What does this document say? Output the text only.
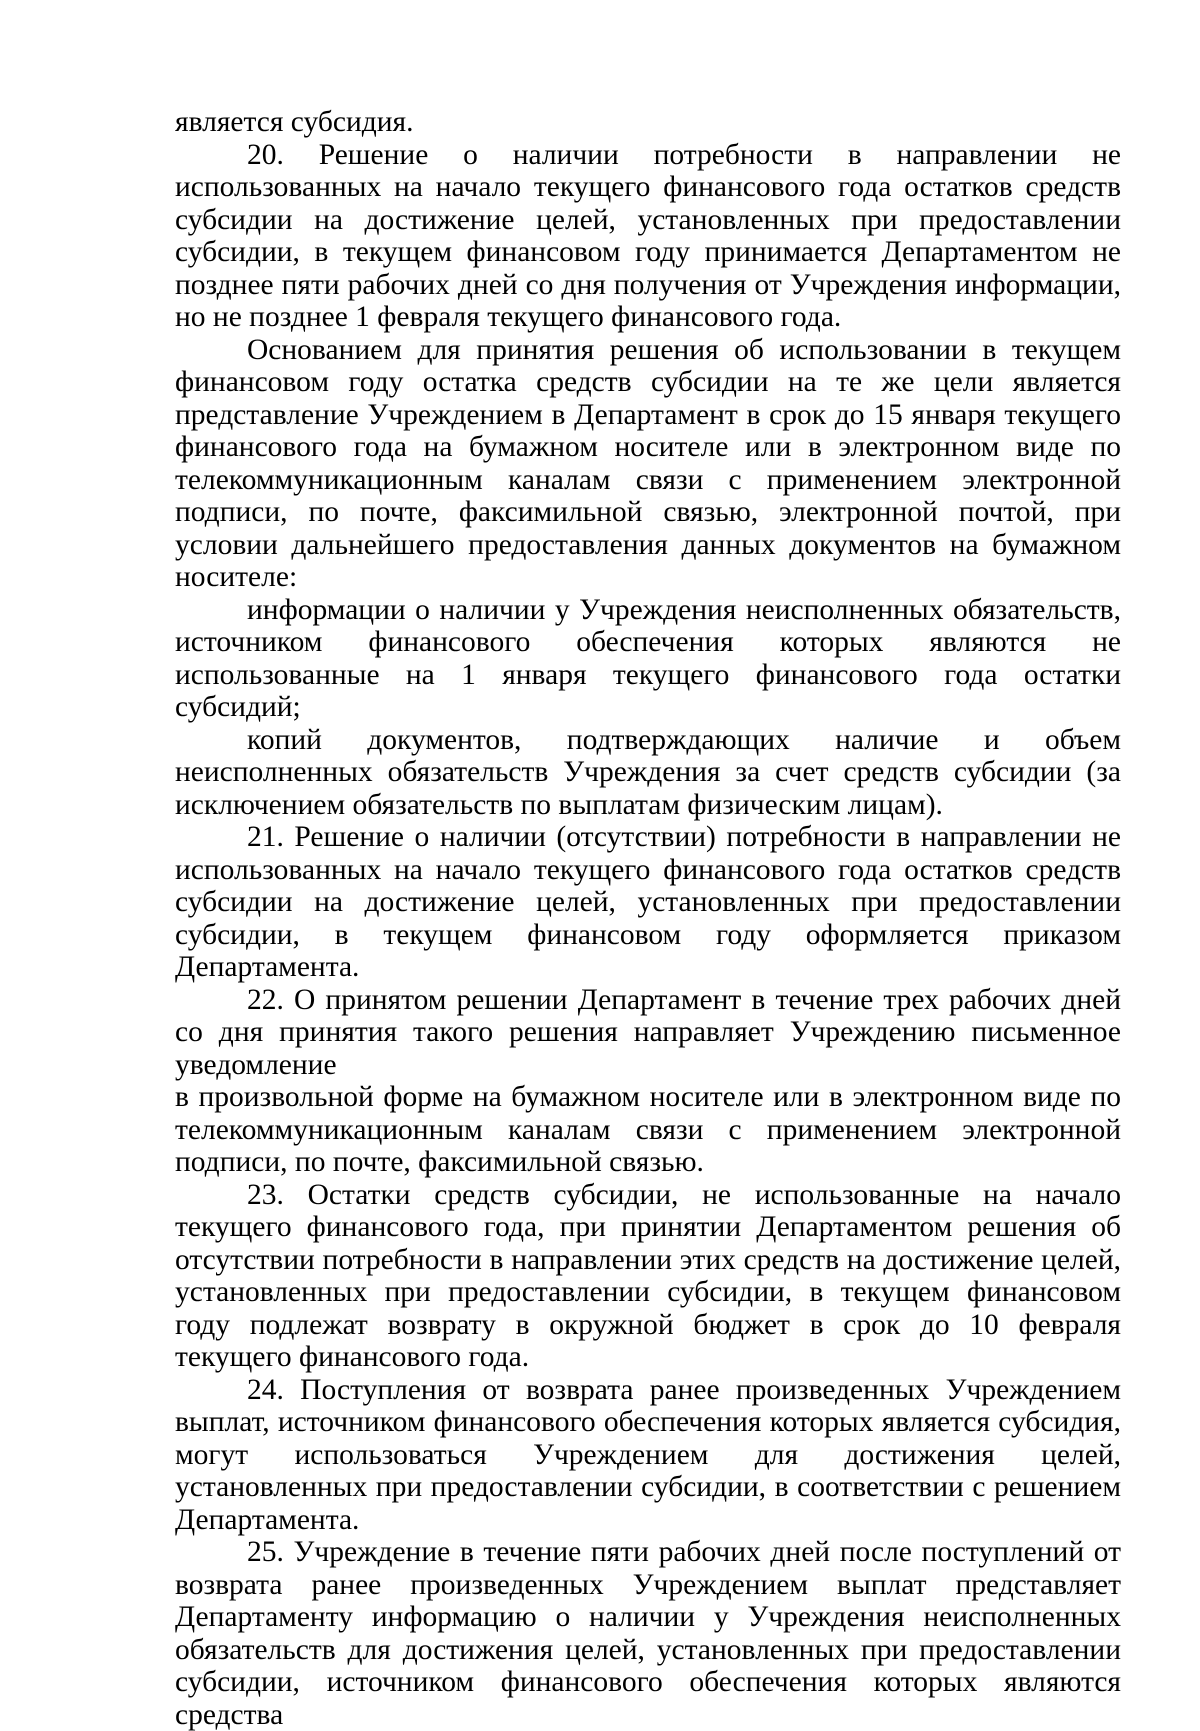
является субсидия.

20. Решение о наличии потребности в направлении не использованных на начало текущего финансового года остатков средств субсидии на достижение целей, установленных при предоставлении субсидии, в текущем финансовом году принимается Департаментом не позднее пяти рабочих дней со дня получения от Учреждения информации, но не позднее 1 февраля текущего финансового года.

Основанием для принятия решения об использовании в текущем финансовом году остатка средств субсидии на те же цели является представление Учреждением в Департамент в срок до 15 января текущего финансового года на бумажном носителе или в электронном виде по телекоммуникационным каналам связи с применением электронной подписи, по почте, факсимильной связью, электронной почтой, при условии дальнейшего предоставления данных документов на бумажном носителе:

информации о наличии у Учреждения неисполненных обязательств, источником финансового обеспечения которых являются не использованные на 1 января текущего финансового года остатки субсидий;

копий документов, подтверждающих наличие и объем неисполненных обязательств Учреждения за счет средств субсидии (за исключением обязательств по выплатам физическим лицам).

21. Решение о наличии (отсутствии) потребности в направлении не использованных на начало текущего финансового года остатков средств субсидии на достижение целей, установленных при предоставлении субсидии, в текущем финансовом году оформляется приказом Департамента.

22. О принятом решении Департамент в течение трех рабочих дней со дня принятия такого решения направляет Учреждению письменное уведомление

в произвольной форме на бумажном носителе или в электронном виде по телекоммуникационным каналам связи с применением электронной подписи, по почте, факсимильной связью.

23. Остатки средств субсидии, не использованные на начало текущего финансового года, при принятии Департаментом решения об отсутствии потребности в направлении этих средств на достижение целей, установленных при предоставлении субсидии, в текущем финансовом году подлежат возврату в окружной бюджет в срок до 10 февраля текущего финансового года.

24. Поступления от возврата ранее произведенных Учреждением выплат, источником финансового обеспечения которых является субсидия, могут использоваться Учреждением для достижения целей, установленных при предоставлении субсидии, в соответствии с решением Департамента.

25. Учреждение в течение пяти рабочих дней после поступлений от возврата ранее произведенных Учреждением выплат представляет Департаменту информацию о наличии у Учреждения неисполненных обязательств для достижения целей, установленных при предоставлении субсидии, источником финансового обеспечения которых являются средства
